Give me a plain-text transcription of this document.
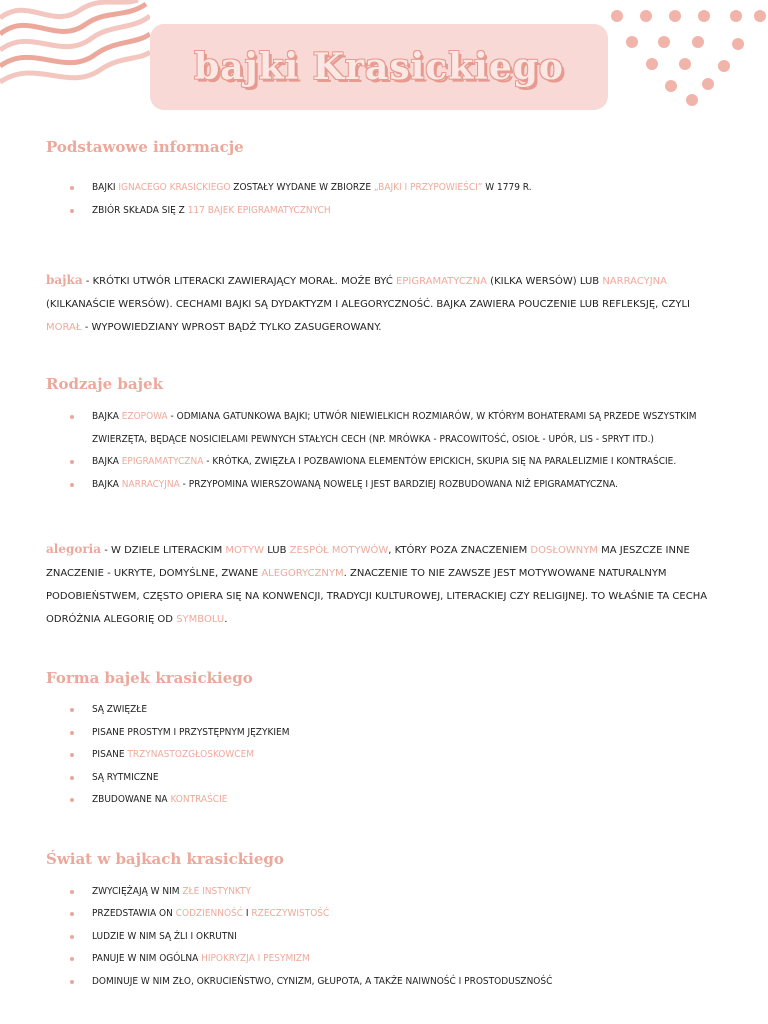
bajki Krasickiego
Podstawowe informacje
BAJKI IGNACEGO KRASICKIEGO ZOSTAŁY WYDANE W ZBIORZE „BAJKI I PRZYPOWIEŚCI” W 1779 R.
ZBIÓR SKŁADA SIĘ Z 117 BAJEK EPIGRAMATYCZNYCH

bajka - KRÓTKI UTWÓR LITERACKI ZAWIERAJĄCY MORAŁ. MOŻE BYĆ EPIGRAMATYCZNA (KILKA WERSÓW) LUB NARRACYJNA (KILKANAŚCIE WERSÓW). CECHAMI BAJKI SĄ DYDAKTYZM I ALEGORYCZNOŚĆ. BAJKA ZAWIERA POUCZENIE LUB REFLEKSJĘ, CZYLI MORAŁ - WYPOWIEDZIANY WPROST BĄDŹ TYLKO ZASUGEROWANY.

Rodzaje bajek
BAJKA EZOPOWA - ODMIANA GATUNKOWA BAJKI; UTWÓR NIEWIELKICH ROZMIARÓW, W KTÓRYM BOHATERAMI SĄ PRZEDE WSZYSTKIM ZWIERZĘTA, BĘDĄCE NOSICIELAMI PEWNYCH STAŁYCH CECH (NP. MRÓWKA - PRACOWITOŚĆ, OSIOŁ - UPÓR, LIS - SPRYT ITD.)
BAJKA EPIGRAMATYCZNA - KRÓTKA, ZWIĘZŁA I POZBAWIONA ELEMENTÓW EPICKICH, SKUPIA SIĘ NA PARALELIZMIE I KONTRAŚCIE.
BAJKA NARRACYJNA - PRZYPOMINA WIERSZOWANĄ NOWELĘ I JEST BARDZIEJ ROZBUDOWANA NIŻ EPIGRAMATYCZNA.

alegoria - W DZIELE LITERACKIM MOTYW LUB ZESPÓŁ MOTYWÓW, KTÓRY POZA ZNACZENIEM DOSŁOWNYM MA JESZCZE INNE ZNACZENIE - UKRYTE, DOMYŚLNE, ZWANE ALEGORYCZNYM. ZNACZENIE TO NIE ZAWSZE JEST MOTYWOWANE NATURALNYM PODOBIEŃSTWEM, CZĘSTO OPIERA SIĘ NA KONWENCJI, TRADYCJI KULTUROWEJ, LITERACKIEJ CZY RELIGIJNEJ. TO WŁAŚNIE TA CECHA ODRÓŻNIA ALEGORIĘ OD SYMBOLU.

Forma bajek krasickiego
SĄ ZWIĘZŁE
PISANE PROSTYM I PRZYSTĘPNYM JĘZYKIEM
PISANE TRZYNASTOZGŁOSKOWCEM
SĄ RYTMICZNE
ZBUDOWANE NA KONTRAŚCIE
Świat w bajkach krasickiego
ZWYCIĘŻAJĄ W NIM ZŁE INSTYNKTY
PRZEDSTAWIA ON CODZIENNOŚĆ I RZECZYWISTOŚĆ
LUDZIE W NIM SĄ ŹLI I OKRUTNI
PANUJE W NIM OGÓLNA HIPOKRYZJA I PESYMIZM
DOMINUJE W NIM ZŁO, OKRUCIEŃSTWO, CYNIZM, GŁUPOTA, A TAKŻE NAIWNOŚĆ I PROSTODUSZNOŚĆ
